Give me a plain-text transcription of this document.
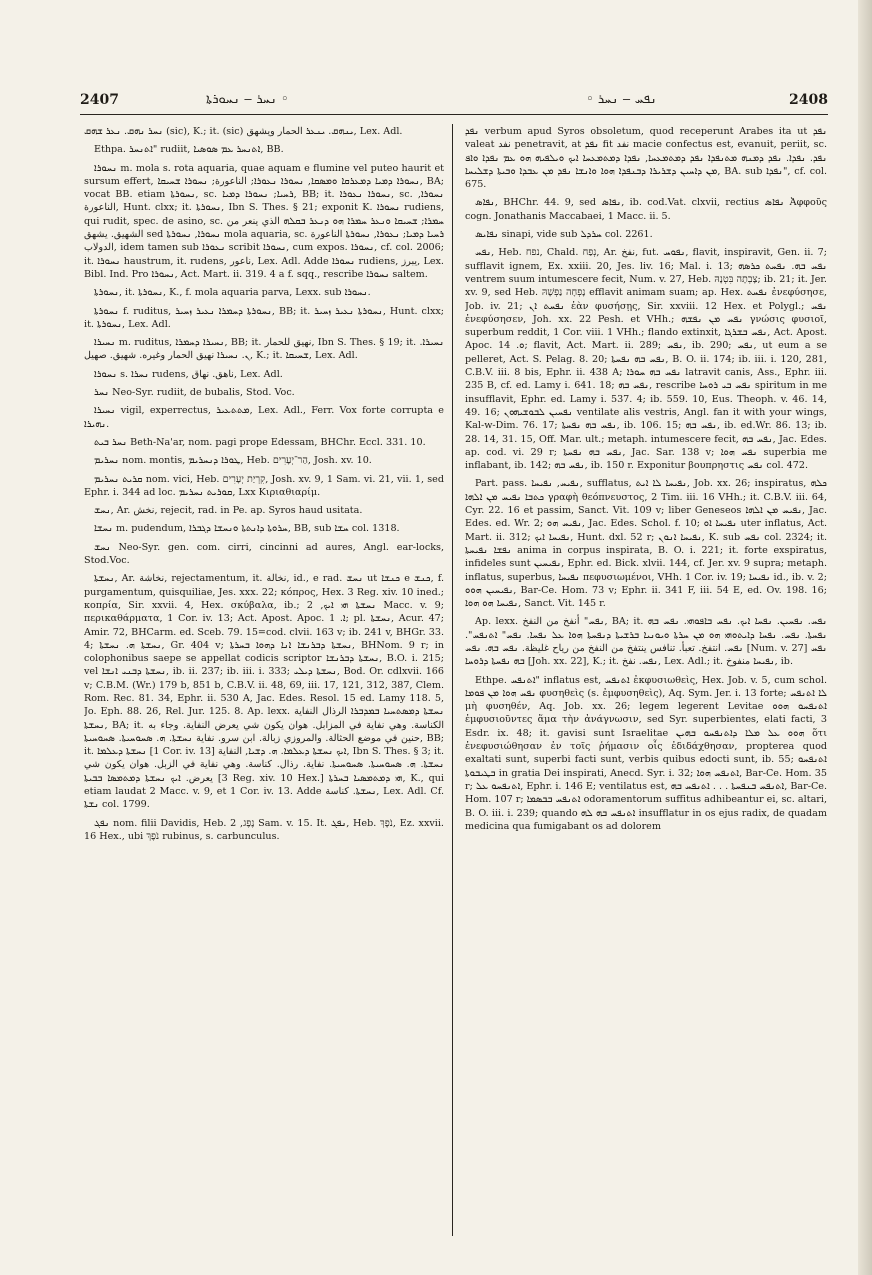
2407	ܢܚܪ ‒ ܢܚܘܪܬܐ ◦	◦ ܢܦܚ ‒ ܢܚܪ	2408

ܢܚܪ ܢܗܩ. ܢܥܪ ܫܗܩ (sic), K.; it. (sic) ܝܢܗܩ. ܝܢܥܪ الحمار ويشهق, Lex. Adl.

Ethpa. ܐܬܢܚܪ" rudiit, ܐܬܢܚܪ ܥܡ ܣܘܣܝܐ, BB.

ܢܚܘܪܐ m. mola s. rota aquaria, quae aquam e flumine vel puteo haurit et sursum effert, ܢܚܘܪܐ ܕܡܝܐ ܕܡܥܪܩܐ ܘܡܣܩܐ, ܢܚܘܪܐ ܢܥܘܪܐ; الناعورة; ܢܚܘܪܐ ܫܚܝܩܐ, BA; vocat BB. etiam ܢܚܘܪܬܐ, sc. ܪܚܝܐ; ܢܚܘܪܐ ܕܡܝܐ, BB; it. ܢܚܘܪܐ ܢܥܘܪܐ, sc. ܢܚܘܪܐ, الناعورة, Hunt. clxx; it. ܢܚܘܪܬܐ, Ibn S. Thes. § 21; exponit K. ܢܚܘܪܐ rudiens, qui rudit, spec. de asino, sc. ܚܡܪܐ; ܫܚܝܩܐ ܘܢܥܪ ܚܡܪܐ ܗܘ ܕܢܥܪ ܒܩܠܗ الذي ينعر من الشهيق. يشهق sed ܢܚܘܪܐ, ܢܚܘܪܬܐ mola aquaria, sc. ܪܚܝܐ ܕܡܝܐ; ܢܥܘܪܐ, ܢܚܘܪܬܐ الناعورة الدولاب, idem tamen sub ܢܥܘܪܐ scribit ܢܚܘܪܐ, cum expos. ܢܚܘܪܐ, cf. col. 2006; it. ܢܚܘܪܐ haustrum, it. rudens, ناعور, Lex. Adl. Adde ܢܚܘܪܐ rudiens, يبرز, Lex. Bibl. Ind. Pro ܢܚܘܪܐ, Act. Mart. ii. 319. 4 a f. sqq., rescribe ܢܚܘܪܐ saltem.

ܢܚܘܪܬܐ, it. ܢܚܘܪܬܐ, K., f. mola aquaria parva, Lexx. sub ܢܚܘܪܐ.

ܢܚܘܪܬܐ f. ruditus, ܢܚܘܪܬܐ ܕܚܡܪܐ ܢܥܝܪ ܙܚܝܪ, BB; it. ܢܚܘܪܬܐ ܢܥܝܪ ܙܚܝܪ, Hunt. clxx; it. ܢܚܘܪܬܐ, Lex. Adl.

ܢܚܝܪܐ m. ruditus, ܢܚܝܪܐ ܕܚܡܪܐ, BB; it. نهيق للحمار, Ibn S. Thes. § 19; it. ܢܚܝܪܐ. ܢ. ܢܚܝܪܐ نهيق الحمار وغيره. شهيق. صهيل, K.; it. ܫܚܝܩܐ, Lex. Adl.

ܢܚܘܪܐ s. ܢܚܪܐ rudens, ناهق. نهاق, Lex. Adl.

ܢܚܪ Neo-Syr. rudiit, de bubalis, Stod. Voc.

ܢܚܝܪܐ vigil, experrectus, ܡܬܬܥܝܪ, Lex. Adl., Ferr. Vox forte corrupta e ܢܗܝܪܐ.

ܢܚܪ ܒܝܬ Beth-Na'ar, nom. pagi prope Edessam, BHChr. Eccl. 331. 10.

ܢܚܪܝܡ nom. montis, ܛܘܪܐ ܕܢܚܪܝܡ, Heb. הַר־יְעָרִים, Josh. xv. 10.

ܩܪܝܬ ܢܚܪܝܡ nom. vici, Heb. קִרְיַת יְעָרִים, Josh. xv. 9, 1 Sam. vi. 21, vii. 1, sed Ephr. i. 344 ad loc. ܩܘܪܝܬ ܢܚܪܝܡ, Lxx Κιριαθιαρίμ.

ܢܚܫ, Ar. نخش, rejecit, rad. in Pe. ap. Syros haud usitata.

ܢܚܫܐ m. pudendum, ܚܪܘܬܐ ܕܐܢܬܬܐ ܘܢܚܫܐ ܕܓܒܪܐ, BB, sub ܚܫܐ col. 1318.

ܢܚܫ Neo-Syr. gen. com. cirri, cincinni ad aures, Angl. ear-locks, Stod.Voc.

ܢܚܫܬܐ, Ar. نخاشة, rejectamentum, it. نخالة, id., e rad. ܢܚܫ ut ܟܢܫܐ e ܟܢܫ, f. purgamentum, quisquiliae, Jes. xxx. 22; κόπρος, Hex. 3 Reg. xiv. 10 ined.; κοπρία, Sir. xxvii. 4, Hex. σκύβαλα, ib.; ܢܚܫܬܐ ܗܝ ܐܝܟ, 2 Macc. v. 9; περικαθάρματα, 1 Cor. iv. 13; Act. Apost. Apoc. ܐ. 1; pl. ܢܚܫܬܐ, Acur. 47; Amir. 72, BHCarm. ed. Sceb. 79. 15=cod. clvii. 163 v; ib. 241 v, BHGr. 33. 4; ܢܚܫܬܐ ܗ. ܢܚܫܬܐ, Gr. 404 v; ܢܚܫܬܐ ܕܒܪܢܫܐ ܐܢܐ ܕܗܘܐ ܒܚܪܬܐ, BHNom. 9 r; in colophonibus saepe se appellat codicis scriptor ܢܚܫܬܐ ܕܒܪܢܫܐ, B.O. i. 215; vel ܢܚܫܬܐ ܕܒܢܝ ܐܢܫܐ, ib. ii. 237; ib. iii. i. 333; ܢܚܫܬܐ ܕܝܠܝ, Bod. Or. cdlxvii. 166 v; C.B.M. (Wr.) 179 b, 851 b, C.B.V. ii. 48, 69, iii. 17, 121, 312, 387, Clem. Rom. Rec. 81. 34, Ephr. ii. 530 A, Jac. Edes. Resol. 15 ed. Lamy 118. 5, Jo. Eph. 88. 26, Rel. Jur. 125. 8. Ap. lexx. ܢܚܫܬܐ ܕܡܣܬܚܝܐ ܒܡܕܒܪܐ الرذال النفاية ܢܚܫܬܐ, BA; it. الكناسة. وهي نفاية في المزابل. هوان يكون شي يعرض النفاية. وجاء به حنين في موضع الحثالة. والمروزي زبالة. ابن سرو. نفاية ܢܚܫܬܐ. ܗ. ܣܚܘܚܝܬܐ. ܣܚܘܚܝܬܐ, BB; it. ܢܚܫܬܐ ܕܥܠܡܐ [1 Cor. iv. 13] ܐܝܟ ܢܚܫܬܐ ܕܥܠܡܐ. ܗ. ܕܫܝܐ, النفاية, Ibn S. Thes. § 3; it. ܢܚܫܬܐ. ܗ. ܣܚܘܚܝܬܐ. ܣܚܘܚܝܬܐ. نفاية. رذال. كناسة. وهي نفاية في الزبل. هوان يكون شي يعرض. ܐܝܟ ܢܚܫܬܐ ܕܡܬܡܣܐ ܒܒܝܬܐ [3 Reg. xiv. 10 Hex.] ܗܝ ܕܡܬܡܣܝܐ ܒܚܪܬܐ, K., qui etiam laudat 2 Macc. v. 9, et 1 Cor. iv. 13. Adde ܢܚܫܬܐ. كناسة, Lex. Adl. Cf. ܢܫܬܐ col. 1799.

ܢܦܓ nom. filii Davidis, Heb. נֶפֶג, 2 Sam. v. 15. It. ܢܦܓ, Heb. נֹפֶךְ, Ez. xxvii. 16 Hex., ubi נֹפֶךְ rubinus, s. carbunculus.

ܢܦܕ verbum apud Syros obsoletum, quod receperunt Arabes ita ut ܢܦܕ valeat نفد penetravit, at ܢܦܕ fit نفد macie confectus est, evanuit, periit, sc. ܢܦܕ. ܢܦܕܐ. ܢܦܕ ܕܡܢܗ ܡܬܢܦܕܐ ܢܦܕ ܕܡܬܡܥܚܐ, ܢܦܕܐ ܕܡܬܡܥܚܐ ܐܝܟ ܘܝܠܦܝܗ ܗܘ ܥܡ ܢܦܕܐ ܘܐܦ ܡܢ ܕܐܚܝܢ ܕܫܪܝܪܐ ܕܒܢܦܕܐ ܗܘܐ ܘܐܢܫܐ ܢܦܕ ܡܢ ܥܒܕܐ ܘܒܝܬܐ ܕܫܠܝܚܐ, BA. sub ܢܦܕܐ", cf. col. 675.

ܢܦܐܣ, BHChr. 44. 9, sed ܢܦܐܣ, ib. cod.Vat. clxvii, rectius ܢܦܐܣ Ἀφφοῦς cogn. Jonathanis Maccabaei, 1 Macc. ii. 5.

ܢܦܐܝܣ sinapi, vide sub ܚܪܕܠ col. 2261.

ܢܦܚ, Heb. נפח, Chald. נְפַח, Ar. نفخ, fut. ܢܦܘܚ, flavit, inspiravit, Gen. ii. 7; sufflavit ignem, Ex. xxiii. 20, Jes. liv. 16; Mal. i. 13; ܢܦܚ ܒܗ. ܢܦܚܬ ܟܪܣܗ ventrem suum intumescere fecit, Num. v. 27, Heb. צָבְתָה בִּטְנָהּ; ib. 21; it. Jer. xv. 9, sed Heb. נָפְחָה נַפְשָׁהּ efflavit animam suam; ap. Hex. ܢܦܚܬ ἐνεφύσησε, Job. iv. 21; ܢܦܚܬ ܐܢ ἐὰν φυσήσῃς, Sir. xxviii. 12 Hex. et Polygl.; ܢܦܚ ἐνεφύσησεν, Joh. xx. 22 Pesh. et VHh.; ܢܦܚ ܡܢ ܢܦܫܗ γνώσις φυσιοῖ, superbum reddit, 1 Cor. viii. 1 VHh.; flando extinxit, ܢܦܚ ܒܫܪܓܐ, Act. Apost. Apoc. ܘ. 14; flavit, Act. Mart. ii. 289; ܢܦܚ, ib. 290; ܢܦܚ, ut eum a se pelleret, Act. S. Pelag. 8. 20; ܢܦܚ ܒܗ ܢܦܚܬܐ, B. O. ii. 174; ib. iii. i. 120, 281, C.B.V. iii. 8 bis, Ephr. ii. 438 A; ܢܦܚ ܒܗ ܚܘܪܐ latravit canis, Ass., Ephr. iii. 235 B, cf. ed. Lamy i. 641. 18; ܢܦܚ ܒܗ, rescribe ܢܦܚ ܒܝ ܪܘܚܐ spiritum in me insufflavit, Ephr. ed. Lamy i. 537. 4; ib. 559. 10, Eus. Theoph. v. 46. 14, 49. 16; ܢܦܚܝܢ ܠܒܘܫܝܗܘܢ ventilate alis vestris, Angl. fan it with your wings, Kal-w-Dim. 76. 17; ܢܦܚ ܒܗ ܢܦܚܬܐ, ib. 106. 15; ܢܦܚ ܒܗ, ib. ed.Wr. 86. 13; ib. 28. 14, 31. 15, Off. Mar. ult.; metaph. intumescere fecit, ܢܦܚ ܒܗ, Jac. Edes. ap. cod. vi. 29 r; ܢܦܚ ܒܗ ܢܦܚܬܐ, Jac. Sar. 138 v; ܢܦܚ ܗܘܐ superbia me inflabant, ib. 142; ܢܦܚ ܒܗ, ib. 150 r. Exponitur βουπρηστις ܢܦܚ col. 472.

Part. pass. ܢܦܝܚ, ܢܦܝܚܐ, sufflatus, ܢܦܝܚܐ ܠܐ ܐܝܬ, Job. xx. 26; inspiratus, ܟܠܗ ܟܬܒܐ ܢܦܝܚ ܡܢ ܐܠܗܐ γραφὴ θεόπνευστος, 2 Tim. iii. 16 VHh.; it. C.B.V. iii. 64, Cyr. 22. 16 et passim, Sanct. Vit. 109 v; liber Geneseos ܢܦܝܚ ܡܢ ܐܠܗܐ, Jac. Edes. ed. Wr. 2; ܢܦܝܚ ܗܘ, Jac. Edes. Schol. f. 10; ܢܦܝܚܐ ܐܘ uter inflatus, Act. Mart. ii. 312; ܢܦܝܚܐ ܐܝܟ, Hunt. dxl. 52 r; ܢܦܝܚܐ ܐܢܘܢ, K. sub ܢܦܚ col. 2324; it. ܢܦܫܐ ܢܦܝܚܬܐ anima in corpus inspirata, B. O. i. 221; it. forte exspiratus, infideles sunt ܢܦܝܚܝܢ, Ephr. ed. Bick. xlvii. 144, cf. Jer. xv. 9 supra; metaph. inflatus, superbus, ܢܦܝܚܐ πεφυσιωμένοι, VHh. 1 Cor. iv. 19; ܢܦܝܚܐ id., ib. v. 2; ܢܦܝܚܝܢ ܗܘܘ, Bar-Ce. Hom. 73 v; Ephr. ii. 341 F, iii. 54 E, ed. Ov. 198. 16; ܢܦܝܚܐ ܗܘ ܗܘܐ, Sanct. Vit. 145 r.

Ap. lexx. ܢܦܚ" أنفخ من النفخ, BA; it. ܢܦܚ. ܢܦܚܝܢ. ܢܦܚܐ ܐܝܟ. ܢܦܚ ܒܐܦܘܗܝ. ܢܦܚ ܒܗ ܢܦܚܬܐ. ܢܦܚ. ܢܦܚܐ ܕܐܝܬܘܗܝ ܗܘ ܡܢ ܚܪܬܐ ܘܝܘܢܝܐ ܒܪܫܝܬܐ ܕܢܦܚܬܐ ܗܘܐ ܥܠ ܢܦܚܐ. ܢܦܚ" ܐܬܢܦܚ". ܢܦܚ. انتفخ. تعبأ. تنافس ينتفخ من النفخ من رياح غليظة. ܢܦܚ ܒܗ. ܢܦܚ [Num. v. 27] ܢܦܚ ܒܗ ܢܦܚܬܐ ܕܪܘܚܐ [Joh. xx. 22], K.; it. ܢܦܚ. نفخ, Lex. Adl.; it. ܢܦܝܚܐ منفوخ, ib.

Ethpe. ܐܬܢܦܚ" inflatus est, ܐܬܢܦܚ ἐκφυσιωθεὶς, Hex. Job. v. 5, cum schol. ܢܦܚ ܗܘܐ ܡܢ ܦܘܡܐ φυσηθεὶς (s. ἐμφυσηθεὶς), Aq. Sym. Jer. i. 13 forte; ܠܐ ܐܬܢܦܚ μὴ φυσηθέν, Aq. Job. xx. 26; legem legerent Levitae ܐܬܢܦܚܘ ܗܘܘ ἐμφυσιοῦντες ἅμα τὴν ἀνάγνωσιν, sed Syr. superbientes, elati facti, 3 Esdr. ix. 48; it. gavisi sunt Israelitae ܗܘܘ ܥܠ ܡܠܐ ܕܐܬܢܦܚܘ ܒܗܝܢ ὅτι ἐνεφυσιώθησαν ἐν τοῖς ῥήμασιν οἷς ἐδιδάχθησαν, propterea quod exaltati sunt, superbi facti sunt, verbis quibus edocti sunt, ib. 55; ܐܬܢܦܚܘ ܒܛܝܒܘܬܐ in gratia Dei inspirati, Anecd. Syr. i. 32; ܐܬܢܦܚ ܗܘܐ, Bar-Ce. Hom. 35 r; ܐܬܢܦܚܘ ܥܠ, Ephr. i. 146 E; ventilatus est, ܐܬܢܦܚ ܒܢܦܚܬܐ . . . ܐܬܢܦܚ ܒܗ, Bar-Ce. Hom. 107 r; ܐܬܢܦܚ ܒܒܣܡܐ odoramentorum suffitus adhibeantur ei, sc. altari, B. O. iii. i. 239; quando ܐܬܢܦܚ ܒܗ ܠܗ insufflatur in os ejus radix, de quadam medicina qua fumigabant os ad dolorem
